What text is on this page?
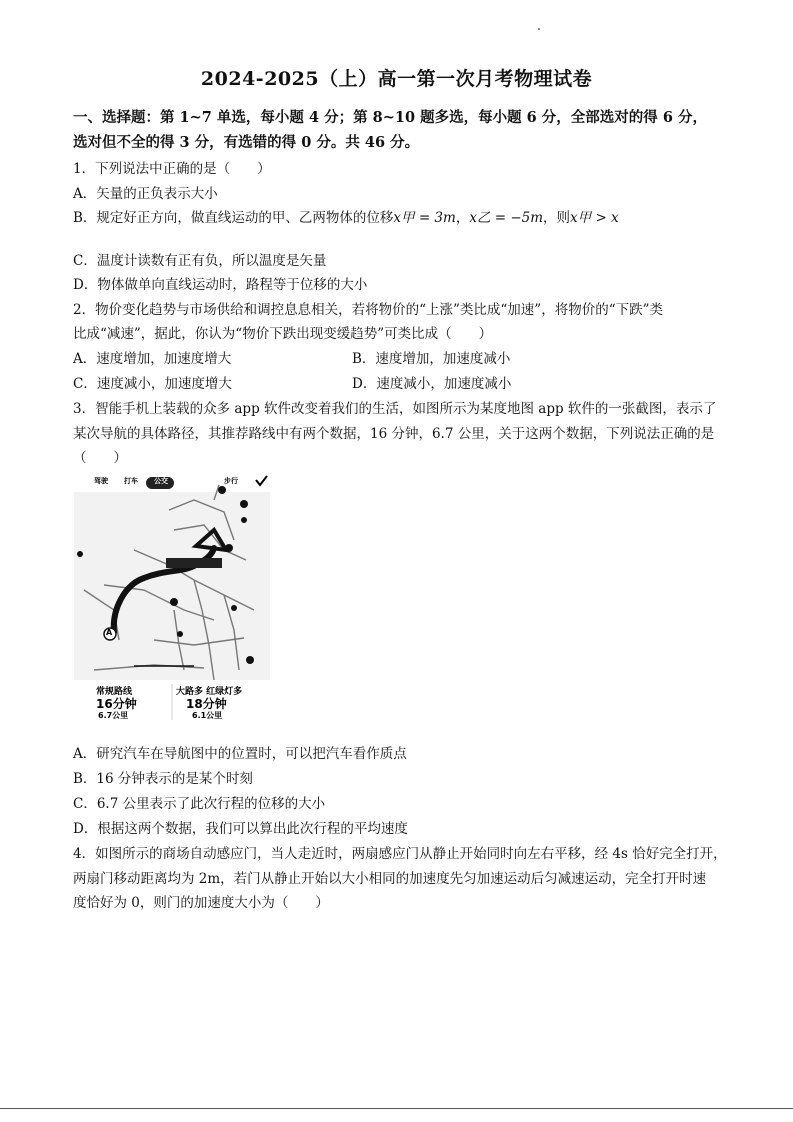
2024-2025（上）高一第一次月考物理试卷
一、选择题：第 1~7 单选，每小题 4 分；第 8~10 题多选，每小题 6 分，全部选对的得 6 分，
选对但不全的得 3 分，有选错的得 0 分。共 46 分。
1．下列说法中正确的是（　　）
A．矢量的正负表示大小
B．规定好正方向，做直线运动的甲、乙两物体的位移x甲 = 3m，x乙 = −5m，则x甲 > x
C．温度计读数有正有负，所以温度是矢量
D．物体做单向直线运动时，路程等于位移的大小
2．物价变化趋势与市场供给和调控息息相关，若将物价的“上涨”类比成“加速”，将物价的“下跌”类
比成“减速”，据此，你认为“物价下跌出现变缓趋势”可类比成（　　）
A．速度增加，加速度增大	B．速度增加，加速度减小
C．速度减小，加速度增大	D．速度减小，加速度减小
3．智能手机上装载的众多 app 软件改变着我们的生活，如图所示为某度地图 app 软件的一张截图，表示了
某次导航的具体路径，其推荐路线中有两个数据，16 分钟，6.7 公里，关于这两个数据，下列说法正确的是
（　　）
驾驶 打车 公交	步行
A
常规路线
16分钟
6.7公里
大路多 红绿灯多
18分钟
6.1公里
A．研究汽车在导航图中的位置时，可以把汽车看作质点
B．16 分钟表示的是某个时刻
C．6.7 公里表示了此次行程的位移的大小
D．根据这两个数据，我们可以算出此次行程的平均速度
4．如图所示的商场自动感应门，当人走近时，两扇感应门从静止开始同时向左右平移，经 4s 恰好完全打开，
两扇门移动距离均为 2m，若门从静止开始以大小相同的加速度先匀加速运动后匀减速运动，完全打开时速
度恰好为 0，则门的加速度大小为（　　）
